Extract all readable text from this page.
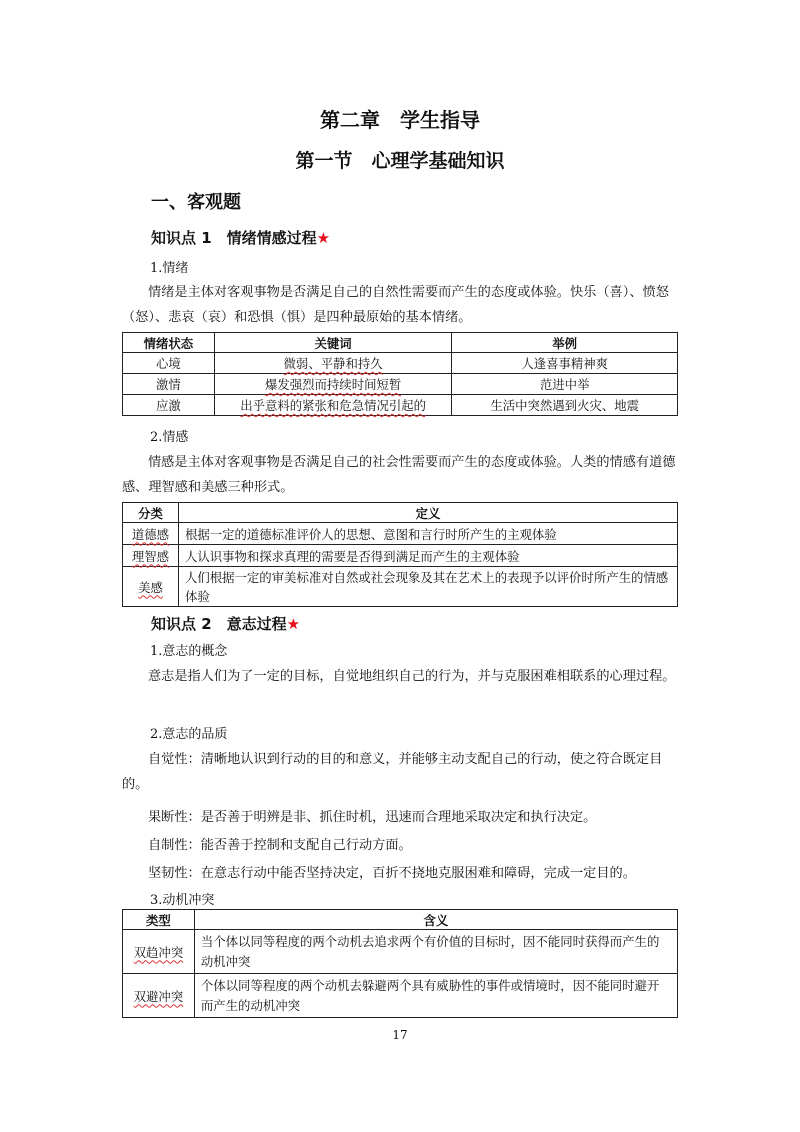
第二章　学生指导
第一节　心理学基础知识
一、客观题
知识点 1　情绪情感过程★
1.情绪
情绪是主体对客观事物是否满足自己的自然性需要而产生的态度或体验。快乐（喜）、愤怒（怒）、悲哀（哀）和恐惧（惧）是四种最原始的基本情绪。
情绪状态	关键词	举例
心境	微弱、平静和持久	人逢喜事精神爽
激情	爆发强烈而持续时间短暂	范进中举
应激	出乎意料的紧张和危急情况引起的	生活中突然遇到火灾、地震
2.情感
情感是主体对客观事物是否满足自己的社会性需要而产生的态度或体验。人类的情感有道德感、理智感和美感三种形式。
分类	定义
道德感	根据一定的道德标准评价人的思想、意图和言行时所产生的主观体验
理智感	人认识事物和探求真理的需要是否得到满足而产生的主观体验
美感	人们根据一定的审美标准对自然或社会现象及其在艺术上的表现予以评价时所产生的情感体验
知识点 2　意志过程★
1.意志的概念
意志是指人们为了一定的目标，自觉地组织自己的行为，并与克服困难相联系的心理过程。
2.意志的品质
自觉性：清晰地认识到行动的目的和意义，并能够主动支配自己的行动，使之符合既定目的。
果断性：是否善于明辨是非、抓住时机，迅速而合理地采取决定和执行决定。
自制性：能否善于控制和支配自己行动方面。
坚韧性：在意志行动中能否坚持决定，百折不挠地克服困难和障碍，完成一定目的。
3.动机冲突
类型	含义
双趋冲突	当个体以同等程度的两个动机去追求两个有价值的目标时，因不能同时获得而产生的动机冲突
双避冲突	个体以同等程度的两个动机去躲避两个具有威胁性的事件或情境时，因不能同时避开而产生的动机冲突
17
